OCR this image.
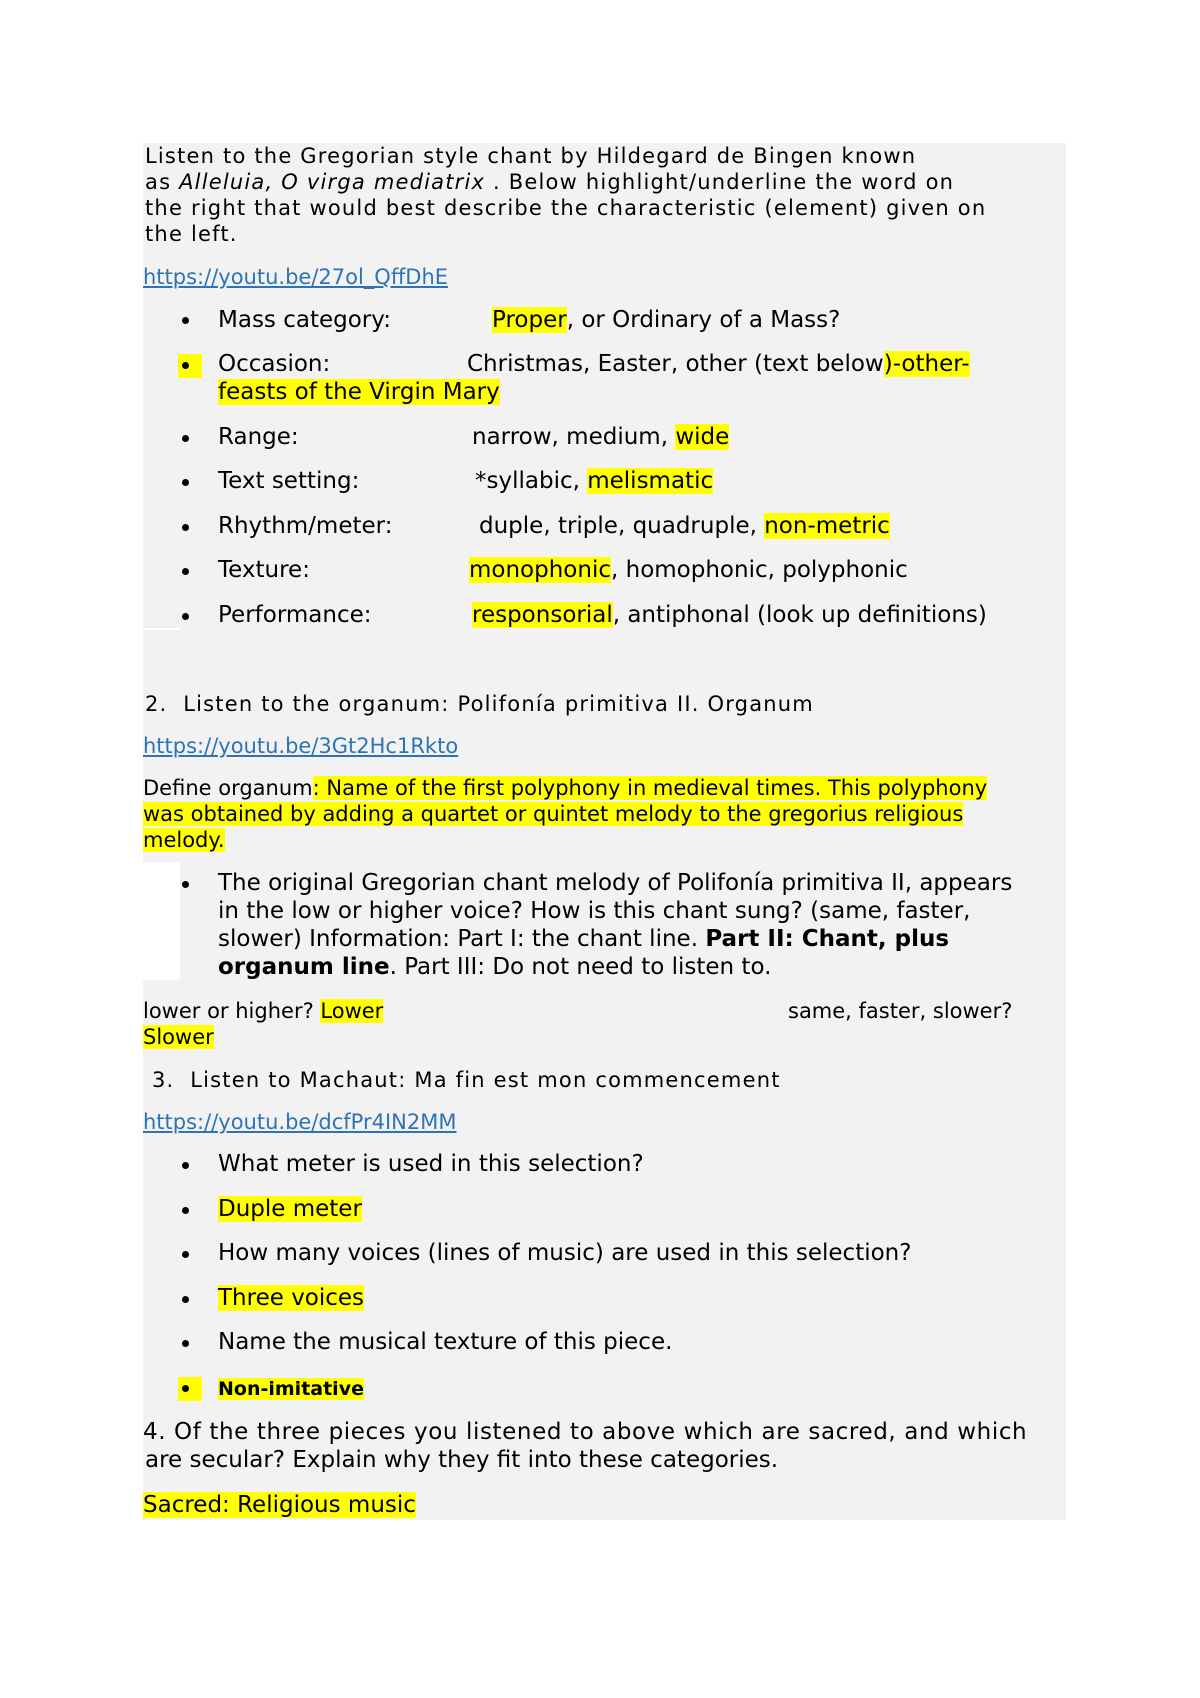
Listen to the Gregorian style chant by Hildegard de Bingen known
as Alleluia, O virga mediatrix . Below highlight/underline the word on
the right that would best describe the characteristic (element) given on
the left.
https://youtu.be/27ol_QffDhE
Mass category:	Proper, or Ordinary of a Mass?
Occasion:	Christmas, Easter, other (text below)-other-
feasts of the Virgin Mary
Range:	narrow, medium, wide
Text setting:	*syllabic, melismatic
Rhythm/meter:	duple, triple, quadruple, non-metric
Texture:	monophonic, homophonic, polyphonic
Performance:	responsorial, antiphonal (look up definitions)
2. Listen to the organum: Polifonía primitiva II. Organum
https://youtu.be/3Gt2Hc1Rkto
Define organum: Name of the first polyphony in medieval times. This polyphony
was obtained by adding a quartet or quintet melody to the gregorius religious
melody.
The original Gregorian chant melody of Polifonía primitiva II, appears
in the low or higher voice? How is this chant sung? (same, faster,
slower) Information: Part I: the chant line. Part II: Chant, plus
organum line. Part III: Do not need to listen to.
lower or higher? Lower	same, faster, slower?
Slower
3. Listen to Machaut: Ma fin est mon commencement
https://youtu.be/dcfPr4IN2MM
What meter is used in this selection?
Duple meter
How many voices (lines of music) are used in this selection?
Three voices
Name the musical texture of this piece.
Non-imitative
4. Of the three pieces you listened to above which are sacred, and which
are secular? Explain why they fit into these categories.
Sacred: Religious music
